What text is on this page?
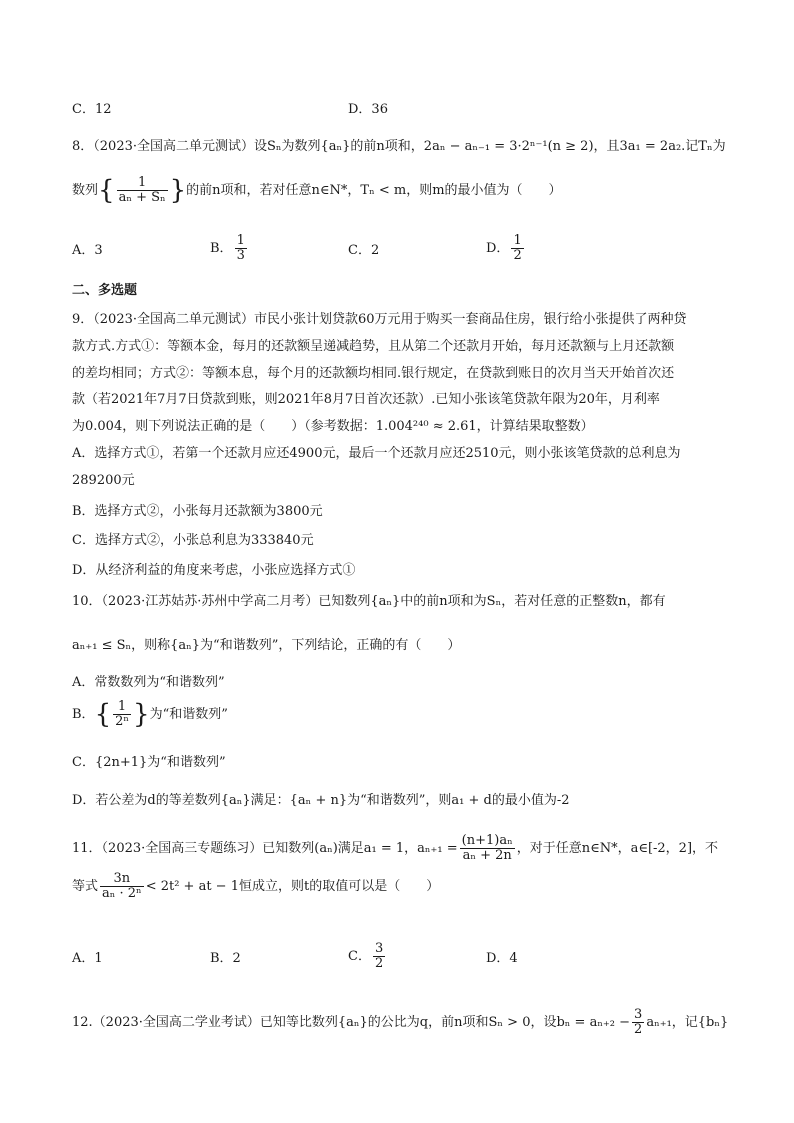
C．12	D．36
8．（2023·全国高二单元测试）设Sₙ为数列{aₙ}的前n项和，2aₙ − aₙ₋₁ = 3·2ⁿ⁻¹(n ≥ 2)，且3a₁ = 2a₂.记Tₙ为
数列{ $\frac{1}{\text{aₙ + Sₙ}}$ }的前n项和，若对任意n∈N*，Tₙ < m，则m的最小值为（　　）
A．3	B． $\frac{1}{3}$	C．2	D． $\frac{1}{2}$
二、多选题
9．（2023·全国高二单元测试）市民小张计划贷款60万元用于购买一套商品住房，银行给小张提供了两种贷
款方式.方式①：等额本金，每月的还款额呈递减趋势，且从第二个还款月开始，每月还款额与上月还款额
的差均相同；方式②：等额本息，每个月的还款额均相同.银行规定，在贷款到账日的次月当天开始首次还
款（若2021年7月7日贷款到账，则2021年8月7日首次还款）.已知小张该笔贷款年限为20年，月利率
为0.004，则下列说法正确的是（　　）（参考数据：1.004²⁴⁰ ≈ 2.61，计算结果取整数）
A．选择方式①，若第一个还款月应还4900元，最后一个还款月应还2510元，则小张该笔贷款的总利息为
289200元
B．选择方式②，小张每月还款额为3800元
C．选择方式②，小张总利息为333840元
D．从经济利益的角度来考虑，小张应选择方式①
10．（2023·江苏姑苏·苏州中学高二月考）已知数列{aₙ}中的前n项和为Sₙ，若对任意的正整数n，都有
aₙ₊₁ ≤ Sₙ，则称{aₙ}为“和谐数列”，下列结论，正确的有（　　）
A．常数数列为“和谐数列”
B．{ $\frac{1}{\text{2ⁿ}}$ }为“和谐数列”
C．{2n+1}为“和谐数列”
D．若公差为d的等差数列{aₙ}满足：{aₙ + n}为“和谐数列”，则a₁ + d的最小值为-2
11．（2023·全国高三专题练习）已知数列(aₙ)满足a₁ = 1，$a_{n+1} = \frac{\text{(n+1)aₙ}}{\text{aₙ + 2n}}$ ，对于任意n∈N*，a∈[-2，2]，不
等式 $\frac{3n}{\text{aₙ · 2ⁿ}} < 2t^2$ + at − 1恒成立，则t的取值可以是（　　）
A．1	B．2	C． $\frac{3}{2}$	D．4
12.（2023·全国高二学业考试）已知等比数列{aₙ}的公比为q，前n项和Sₙ > 0，设$b_n = a_{n+2} - \frac{3}{2} a_{n+1}$，记{bₙ}
